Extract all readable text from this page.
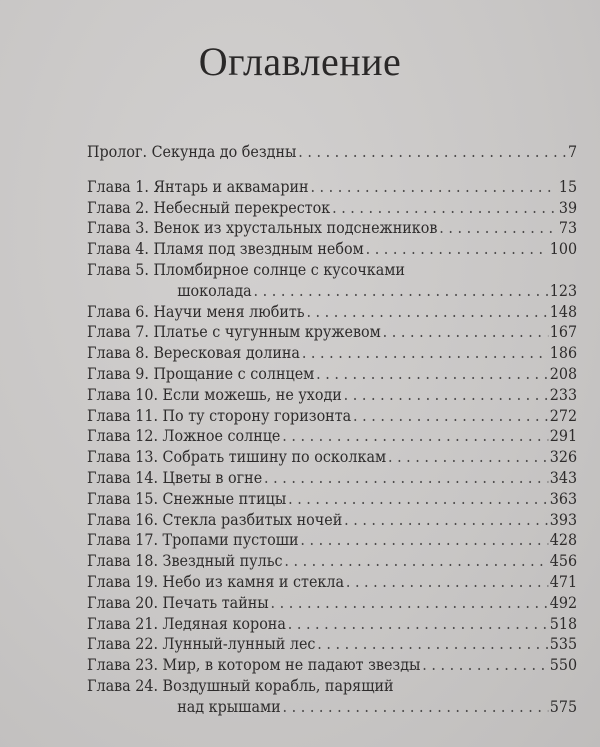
Оглавление
Пролог. Секунда до бездны . . .	7
Глава 1. Янтарь и аквамарин . . .	15
Глава 2. Небесный перекресток . . .	39
Глава 3. Венок из хрустальных подснежников . . .	73
Глава 4. Пламя под звездным небом . . .	100
Глава 5. Пломбирное солнце с кусочками
шоколада . . .	123
Глава 6. Научи меня любить . . .	148
Глава 7. Платье с чугунным кружевом . . .	167
Глава 8. Вересковая долина . . .	186
Глава 9. Прощание с солнцем . . .	208
Глава 10. Если можешь, не уходи . . .	233
Глава 11. По ту сторону горизонта . . .	272
Глава 12. Ложное солнце . . .	291
Глава 13. Собрать тишину по осколкам . . .	326
Глава 14. Цветы в огне . . .	343
Глава 15. Снежные птицы . . .	363
Глава 16. Стекла разбитых ночей . . .	393
Глава 17. Тропами пустоши . . .	428
Глава 18. Звездный пульс . . .	456
Глава 19. Небо из камня и стекла . . .	471
Глава 20. Печать тайны . . .	492
Глава 21. Ледяная корона . . .	518
Глава 22. Лунный-лунный лес . . .	535
Глава 23. Мир, в котором не падают звезды . . .	550
Глава 24. Воздушный корабль, парящий
над крышами . . .	575
